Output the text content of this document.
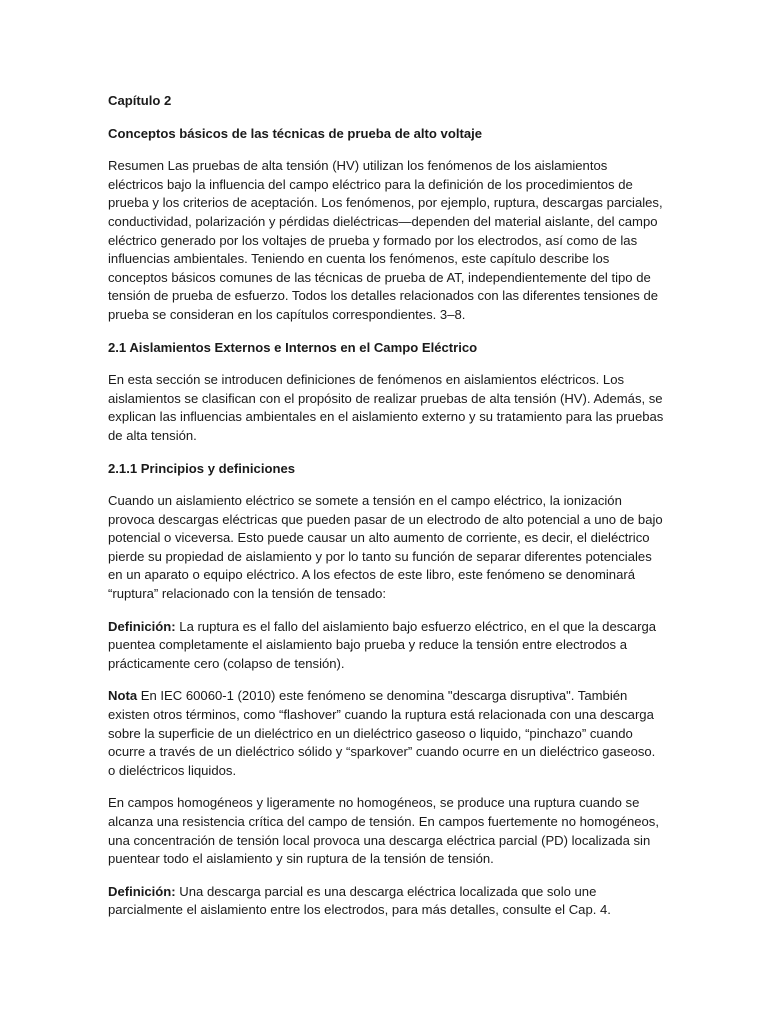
Capítulo 2

Conceptos básicos de las técnicas de prueba de alto voltaje

Resumen Las pruebas de alta tensión (HV) utilizan los fenómenos de los aislamientos eléctricos bajo la influencia del campo eléctrico para la definición de los procedimientos de prueba y los criterios de aceptación. Los fenómenos, por ejemplo, ruptura, descargas parciales, conductividad, polarización y pérdidas dieléctricas—dependen del material aislante, del campo eléctrico generado por los voltajes de prueba y formado por los electrodos, así como de las influencias ambientales. Teniendo en cuenta los fenómenos, este capítulo describe los conceptos básicos comunes de las técnicas de prueba de AT, independientemente del tipo de tensión de prueba de esfuerzo. Todos los detalles relacionados con las diferentes tensiones de prueba se consideran en los capítulos correspondientes. 3–8.

2.1 Aislamientos Externos e Internos en el Campo Eléctrico

En esta sección se introducen definiciones de fenómenos en aislamientos eléctricos. Los aislamientos se clasifican con el propósito de realizar pruebas de alta tensión (HV). Además, se explican las influencias ambientales en el aislamiento externo y su tratamiento para las pruebas de alta tensión.

2.1.1 Principios y definiciones

Cuando un aislamiento eléctrico se somete a tensión en el campo eléctrico, la ionización provoca descargas eléctricas que pueden pasar de un electrodo de alto potencial a uno de bajo potencial o viceversa. Esto puede causar un alto aumento de corriente, es decir, el dieléctrico pierde su propiedad de aislamiento y por lo tanto su función de separar diferentes potenciales en un aparato o equipo eléctrico. A los efectos de este libro, este fenómeno se denominará “ruptura” relacionado con la tensión de tensado:

Definición: La ruptura es el fallo del aislamiento bajo esfuerzo eléctrico, en el que la descarga puentea completamente el aislamiento bajo prueba y reduce la tensión entre electrodos a prácticamente cero (colapso de tensión).

Nota En IEC 60060-1 (2010) este fenómeno se denomina "descarga disruptiva". También existen otros términos, como “flashover” cuando la ruptura está relacionada con una descarga sobre la superficie de un dieléctrico en un dieléctrico gaseoso o liquido, “pinchazo” cuando ocurre a través de un dieléctrico sólido y “sparkover” cuando ocurre en un dieléctrico gaseoso. o dieléctricos liquidos.

En campos homogéneos y ligeramente no homogéneos, se produce una ruptura cuando se alcanza una resistencia crítica del campo de tensión. En campos fuertemente no homogéneos, una concentración de tensión local provoca una descarga eléctrica parcial (PD) localizada sin puentear todo el aislamiento y sin ruptura de la tensión de tensión.

Definición: Una descarga parcial es una descarga eléctrica localizada que solo une parcialmente el aislamiento entre los electrodos, para más detalles, consulte el Cap. 4.
